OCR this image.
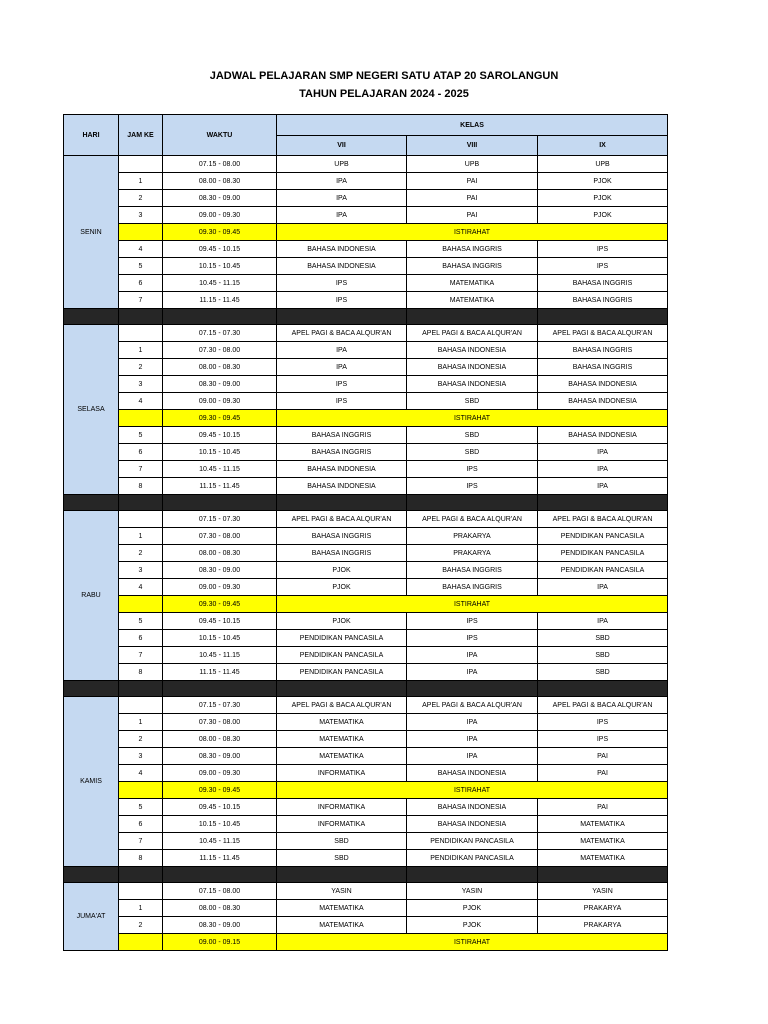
JADWAL PELAJARAN SMP NEGERI SATU ATAP 20 SAROLANGUN
TAHUN PELAJARAN 2024 - 2025
HARI	JAM KE	WAKTU	KELAS		
			VII	VIII	IX
SENIN		07.15 - 08.00	UPB	UPB	UPB
	1	08.00 - 08.30	IPA	PAI	PJOK
	2	08.30 - 09.00	IPA	PAI	PJOK
	3	09.00 - 09.30	IPA	PAI	PJOK
		09.30 - 09.45	ISTIRAHAT		
	4	09.45 - 10.15	BAHASA INDONESIA	BAHASA INGGRIS	IPS
	5	10.15 - 10.45	BAHASA INDONESIA	BAHASA INGGRIS	IPS
	6	10.45 - 11.15	IPS	MATEMATIKA	BAHASA INGGRIS
	7	11.15 - 11.45	IPS	MATEMATIKA	BAHASA INGGRIS

SELASA		07.15 - 07.30	APEL PAGI & BACA ALQUR'AN	APEL PAGI & BACA ALQUR'AN	APEL PAGI & BACA ALQUR'AN
	1	07.30 - 08.00	IPA	BAHASA INDONESIA	BAHASA INGGRIS
	2	08.00 - 08.30	IPA	BAHASA INDONESIA	BAHASA INGGRIS
	3	08.30 - 09.00	IPS	BAHASA INDONESIA	BAHASA INDONESIA
	4	09.00 - 09.30	IPS	SBD	BAHASA INDONESIA
		09.30 - 09.45	ISTIRAHAT		
	5	09.45 - 10.15	BAHASA INGGRIS	SBD	BAHASA INDONESIA
	6	10.15 - 10.45	BAHASA INGGRIS	SBD	IPA
	7	10.45 - 11.15	BAHASA INDONESIA	IPS	IPA
	8	11.15 - 11.45	BAHASA INDONESIA	IPS	IPA

RABU		07.15 - 07.30	APEL PAGI & BACA ALQUR'AN	APEL PAGI & BACA ALQUR'AN	APEL PAGI & BACA ALQUR'AN
	1	07.30 - 08.00	BAHASA INGGRIS	PRAKARYA	PENDIDIKAN PANCASILA
	2	08.00 - 08.30	BAHASA INGGRIS	PRAKARYA	PENDIDIKAN PANCASILA
	3	08.30 - 09.00	PJOK	BAHASA INGGRIS	PENDIDIKAN PANCASILA
	4	09.00 - 09.30	PJOK	BAHASA INGGRIS	IPA
		09.30 - 09.45	ISTIRAHAT		
	5	09.45 - 10.15	PJOK	IPS	IPA
	6	10.15 - 10.45	PENDIDIKAN PANCASILA	IPS	SBD
	7	10.45 - 11.15	PENDIDIKAN PANCASILA	IPA	SBD
	8	11.15 - 11.45	PENDIDIKAN PANCASILA	IPA	SBD

KAMIS		07.15 - 07.30	APEL PAGI & BACA ALQUR'AN	APEL PAGI & BACA ALQUR'AN	APEL PAGI & BACA ALQUR'AN
	1	07.30 - 08.00	MATEMATIKA	IPA	IPS
	2	08.00 - 08.30	MATEMATIKA	IPA	IPS
	3	08.30 - 09.00	MATEMATIKA	IPA	PAI
	4	09.00 - 09.30	INFORMATIKA	BAHASA INDONESIA	PAI
		09.30 - 09.45	ISTIRAHAT		
	5	09.45 - 10.15	INFORMATIKA	BAHASA INDONESIA	PAI
	6	10.15 - 10.45	INFORMATIKA	BAHASA INDONESIA	MATEMATIKA
	7	10.45 - 11.15	SBD	PENDIDIKAN PANCASILA	MATEMATIKA
	8	11.15 - 11.45	SBD	PENDIDIKAN PANCASILA	MATEMATIKA

JUMA'AT		07.15 - 08.00	YASIN	YASIN	YASIN
	1	08.00 - 08.30	MATEMATIKA	PJOK	PRAKARYA
	2	08.30 - 09.00	MATEMATIKA	PJOK	PRAKARYA
		09.00 - 09.15	ISTIRAHAT		
